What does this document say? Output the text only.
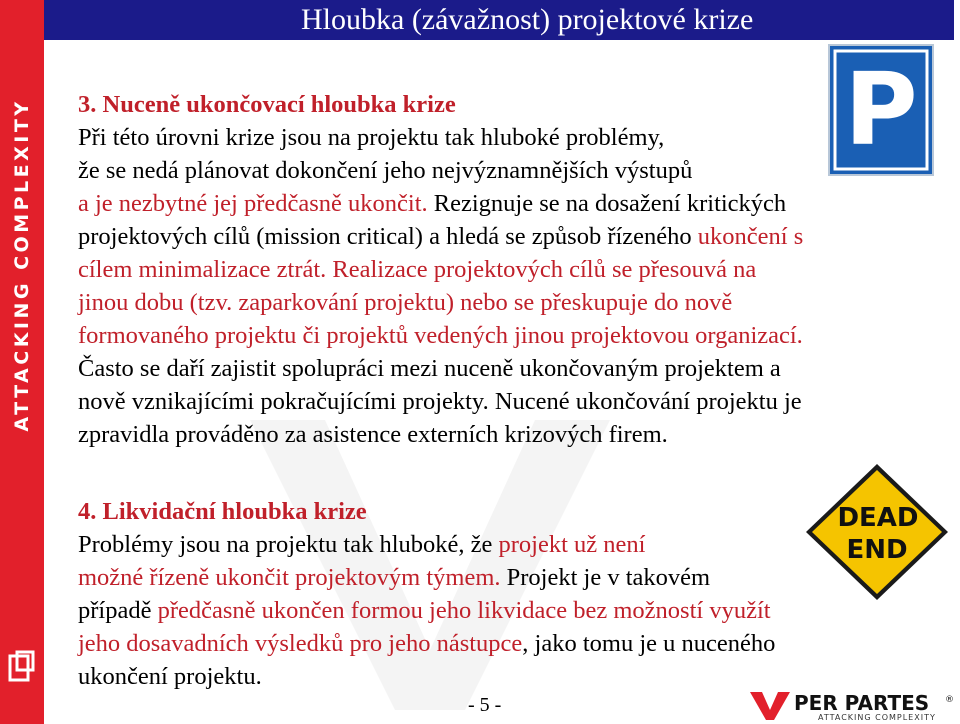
ATTACKING COMPLEXITY
Hloubka (závažnost) projektové krize
P
3. Nuceně ukončovací hloubka krize
Při této úrovni krize jsou na projektu tak hluboké problémy,
že se nedá plánovat dokončení jeho nejvýznamnějších výstupů
a je nezbytné jej předčasně ukončit. Rezignuje se na dosažení kritických
projektových cílů (mission critical) a hledá se způsob řízeného ukončení s
cílem minimalizace ztrát. Realizace projektových cílů se přesouvá na
jinou dobu (tzv. zaparkování projektu) nebo se přeskupuje do nově
formovaného projektu či projektů vedených jinou projektovou organizací.
Často se daří zajistit spolupráci mezi nuceně ukončovaným projektem a
nově vznikajícími pokračujícími projekty. Nucené ukončování projektu je
zpravidla prováděno za asistence externích krizových firem.
DEAD
END
4. Likvidační hloubka krize
Problémy jsou na projektu tak hluboké, že projekt už není
možné řízeně ukončit projektovým týmem. Projekt je v takovém
případě předčasně ukončen formou jeho likvidace bez možností využít
jeho dosavadních výsledků pro jeho nástupce, jako tomu je u nuceného
ukončení projektu.
- 5 -	PER PARTES ®
ATTACKING COMPLEXITY
